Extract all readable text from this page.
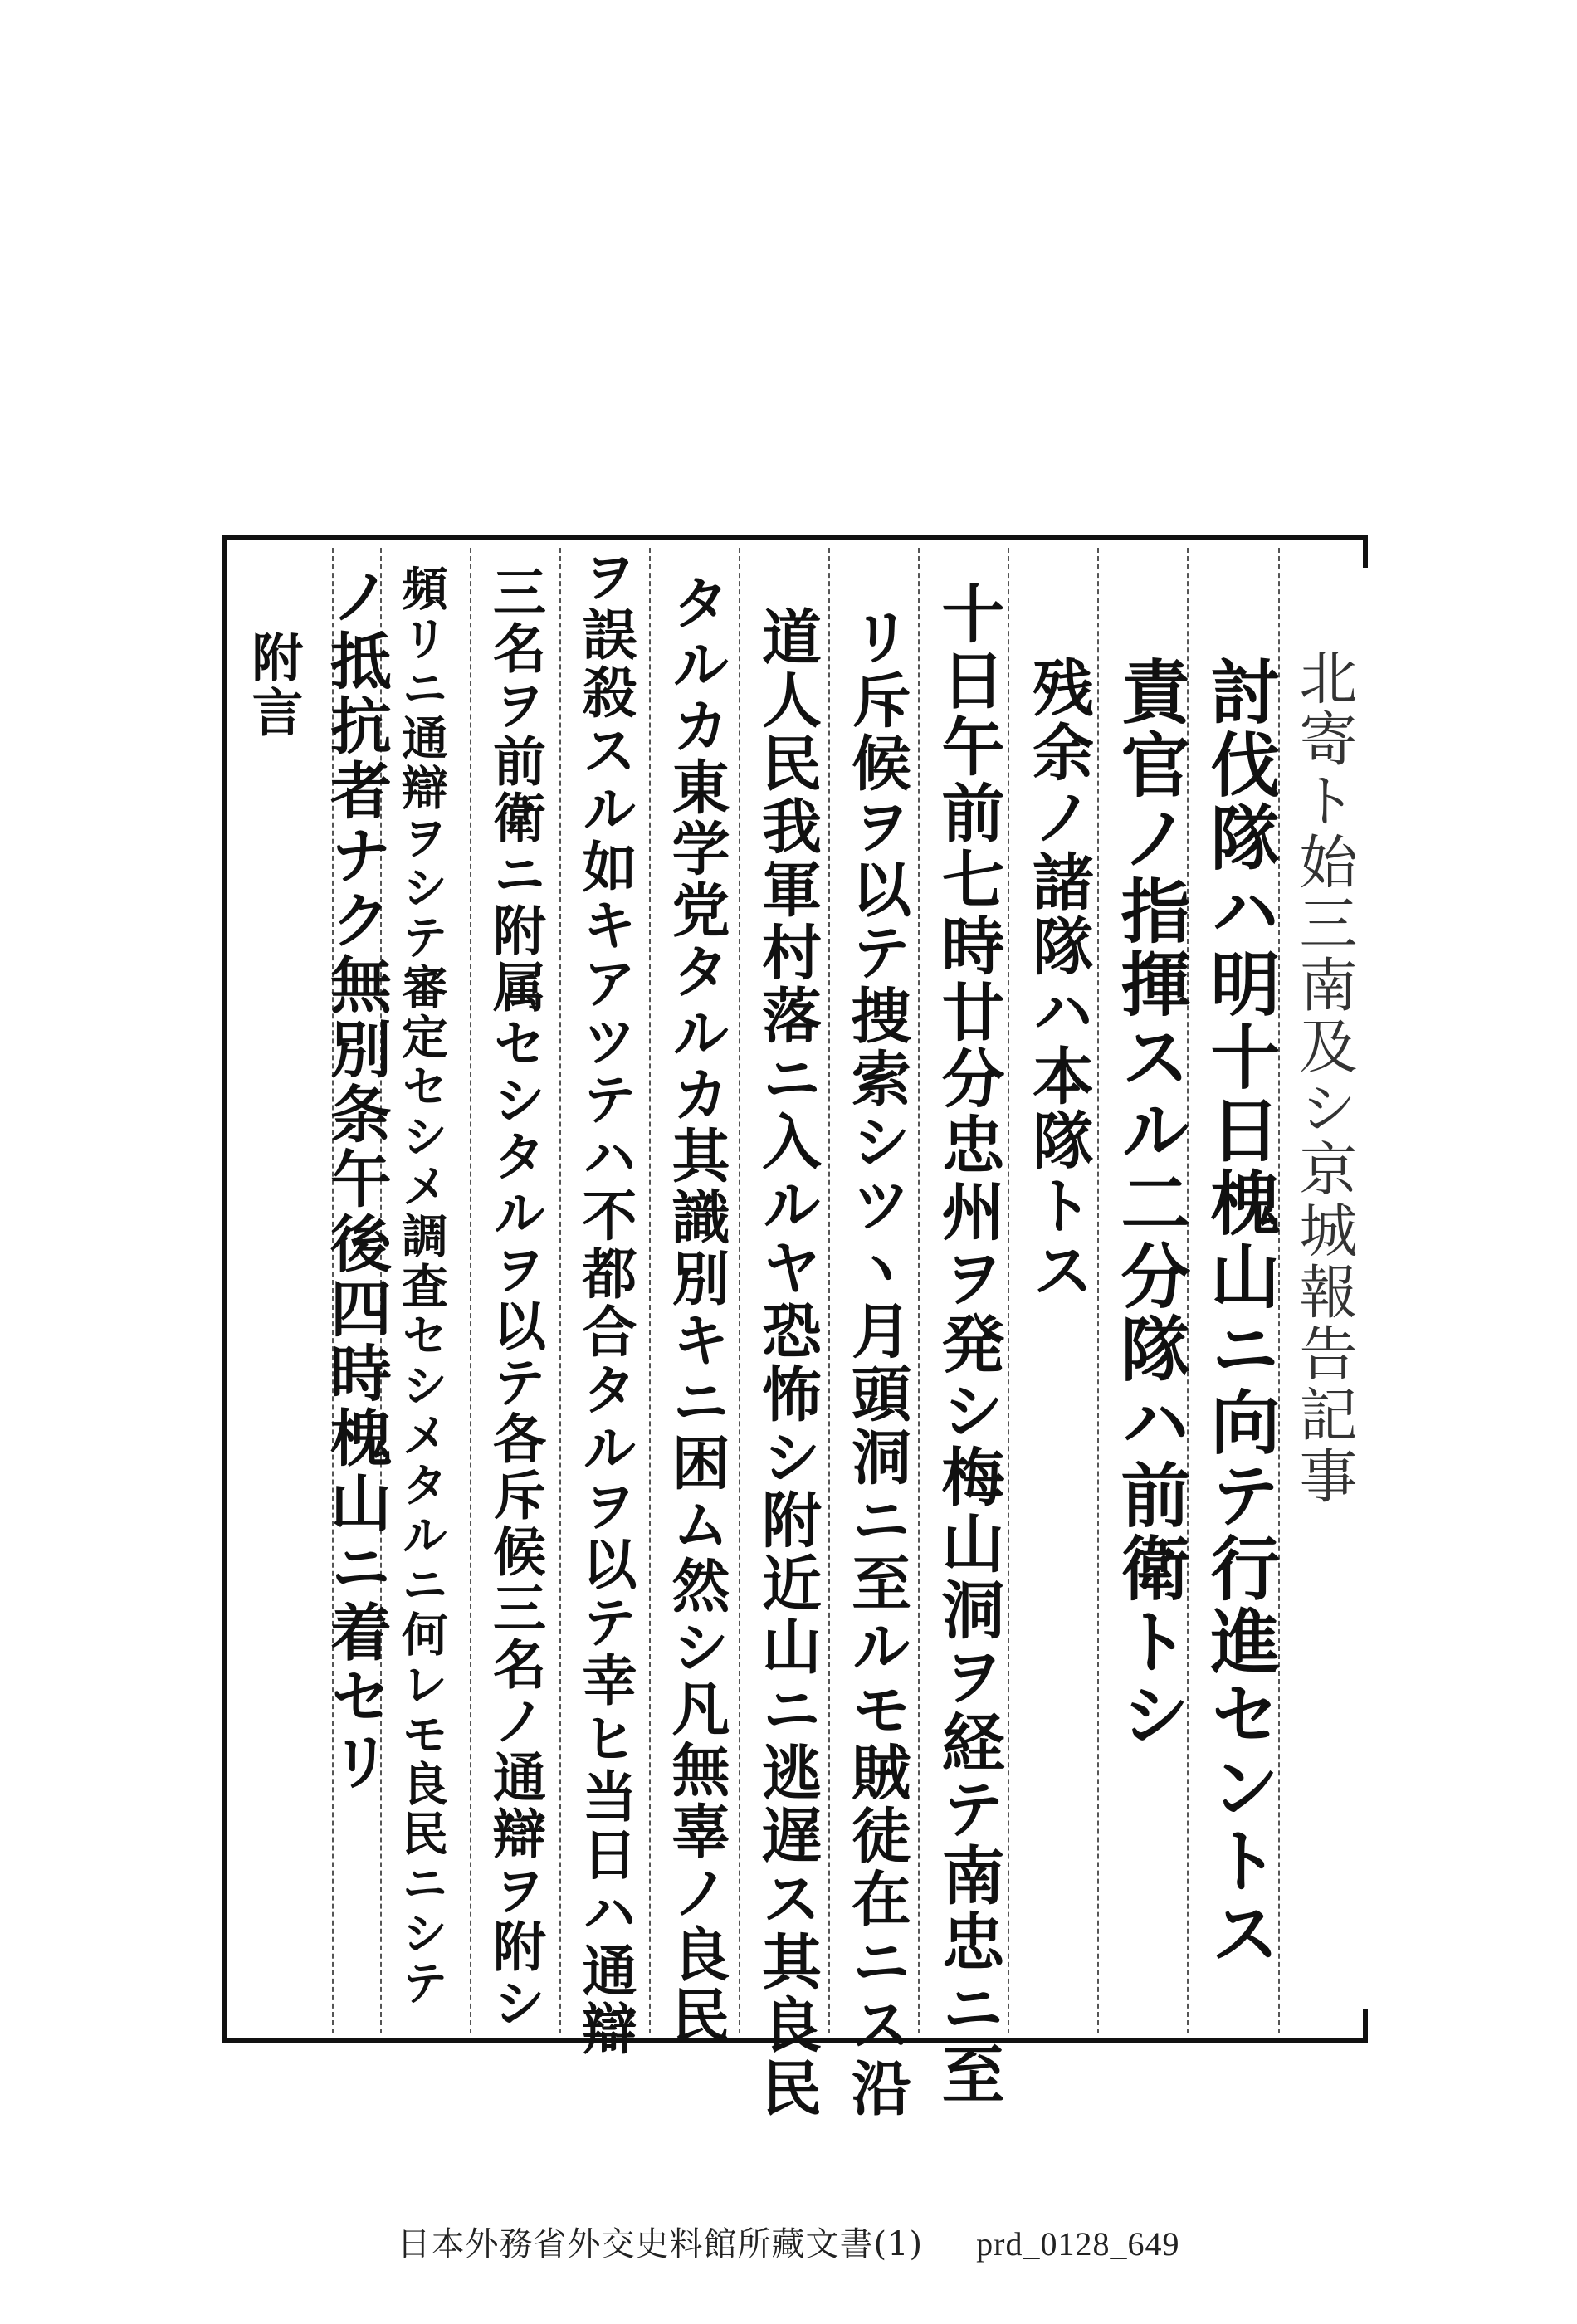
北寄ト始三南及シ京城報告記事
討伐隊ハ明十日槐山ニ向テ行進セントス
責官ノ指揮スル二分隊ハ前衛トシ
残余ノ諸隊ハ本隊トス
十日午前七時廿分忠州ヲ発シ梅山洞ヲ経テ南忠ニ至
リ斥候ヲ以テ捜索シツヽ月頭洞ニ至ルモ賊徒在ニス沿
道人民我軍村落ニ入ルヤ恐怖シ附近山ニ逃遅ス其良民
タルカ東学党タルカ其識別キニ困ム然シ凡無辜ノ良民
ヲ誤殺スル如キアツテハ不都合タルヲ以テ幸ヒ当日ハ通辯
三名ヲ前衛ニ附属セシタルヲ以テ各斥候三名ノ通辯ヲ附シ
頻リニ通辯ヲシテ審定セシメ調査セシメタルニ何レモ良民ニシテ
ノ抵抗者ナク無別条午後四時槐山ニ着セリ
附言
日本外務省外交史料館所藏文書(1) prd_0128_649
